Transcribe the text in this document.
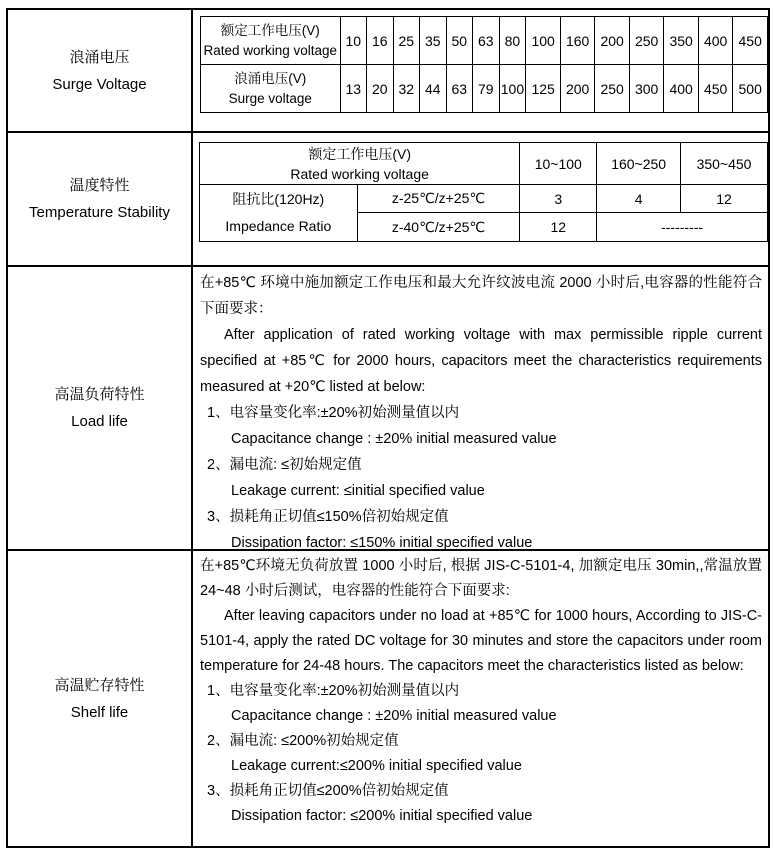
浪涌电压
Surge Voltage
额定工作电压(V)
Rated working voltage	10	16	25	35	50	63	80	100	160	200	250	350	400	450

浪涌电压(V)
Surge voltage	13	20	32	44	63	79	100	125	200	250	300	400	450	500
温度特性
Temperature Stability
额定工作电压(V)
Rated working voltage		10~100	160~250	350~450

阻抗比(120Hz)
Impedance Ratio	z-25℃/z+25℃	3	4	12
	z-40℃/z+25℃	12	---------	
高温负荷特性
Load life

在+85℃ 环境中施加额定工作电压和最大允许纹波电流 2000 小时后,电容器的性能符合下面要求：

After application of rated working voltage with max permissible ripple current specified at +85℃ for 2000 hours, capacitors meet the characteristics requirements measured at +20℃ listed at below:

1、电容量变化率:±20%初始测量值以内

Capacitance change : ±20% initial measured value

2、漏电流: ≤初始规定值

Leakage current: ≤initial specified value

3、损耗角正切值≤150%倍初始规定值

Dissipation factor: ≤150% initial specified value

高温贮存特性
Shelf life

在+85℃环境无负荷放置 1000 小时后, 根据 JIS-C-5101-4, 加额定电压 30min,,常温放置 24~48 小时后测试，电容器的性能符合下面要求:

After leaving capacitors under no load at +85℃ for 1000 hours, According to JIS-C-5101-4, apply the rated DC voltage for 30 minutes and store the capacitors under room temperature for 24-48 hours. The capacitors meet the characteristics listed as below:

1、电容量变化率:±20%初始测量值以内

Capacitance change : ±20% initial measured value

2、漏电流: ≤200%初始规定值

Leakage current:≤200% initial specified value

3、损耗角正切值≤200%倍初始规定值

Dissipation factor: ≤200% initial specified value
